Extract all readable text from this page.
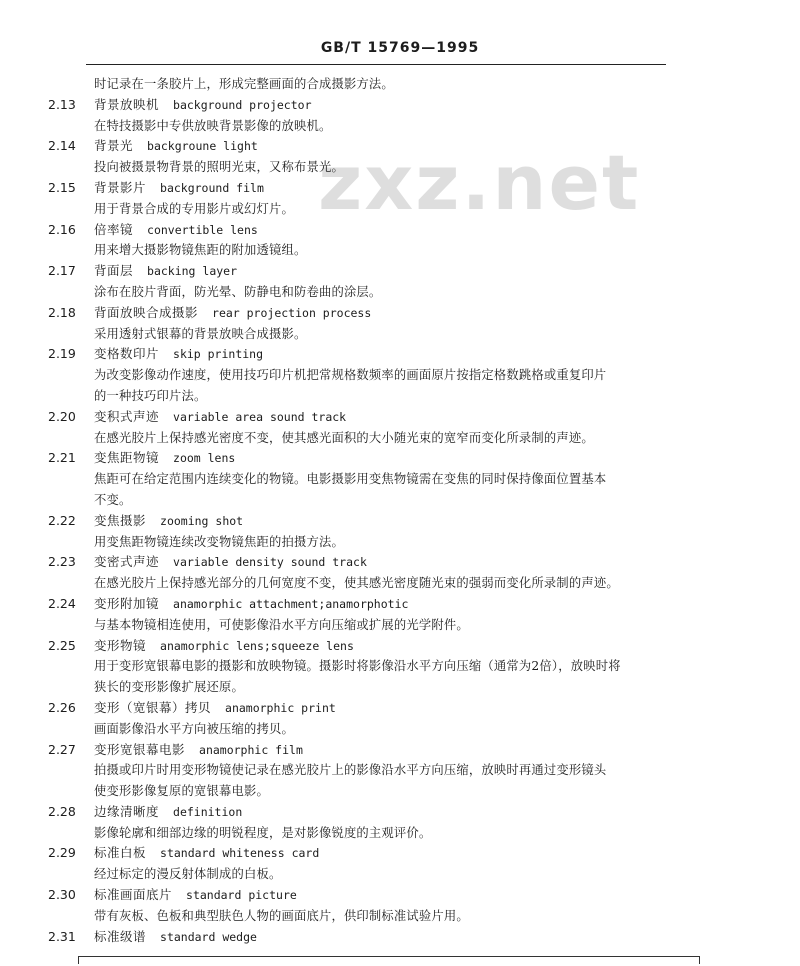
GB/T 15769—1995
zxz.net
时记录在一条胶片上，形成完整画面的合成摄影方法。
2.13 背景放映机 background projector
在特技摄影中专供放映背景影像的放映机。
2.14 背景光 backgroune light
投向被摄景物背景的照明光束，又称布景光。
2.15 背景影片 background film
用于背景合成的专用影片或幻灯片。
2.16 倍率镜 convertible lens
用来增大摄影物镜焦距的附加透镜组。
2.17 背面层 backing layer
涂布在胶片背面，防光晕、防静电和防卷曲的涂层。
2.18 背面放映合成摄影 rear projection process
采用透射式银幕的背景放映合成摄影。
2.19 变格数印片 skip printing
为改变影像动作速度，使用技巧印片机把常规格数频率的画面原片按指定格数跳格或重复印片
的一种技巧印片法。
2.20 变积式声迹 variable area sound track
在感光胶片上保持感光密度不变，使其感光面积的大小随光束的宽窄而变化所录制的声迹。
2.21 变焦距物镜 zoom lens
焦距可在给定范围内连续变化的物镜。电影摄影用变焦物镜需在变焦的同时保持像面位置基本
不变。
2.22 变焦摄影 zooming shot
用变焦距物镜连续改变物镜焦距的拍摄方法。
2.23 变密式声迹 variable density sound track
在感光胶片上保持感光部分的几何宽度不变，使其感光密度随光束的强弱而变化所录制的声迹。
2.24 变形附加镜 anamorphic attachment;anamorphotic
与基本物镜相连使用，可使影像沿水平方向压缩或扩展的光学附件。
2.25 变形物镜 anamorphic lens;squeeze lens
用于变形宽银幕电影的摄影和放映物镜。摄影时将影像沿水平方向压缩（通常为2倍），放映时将
狭长的变形影像扩展还原。
2.26 变形（宽银幕）拷贝 anamorphic print
画面影像沿水平方向被压缩的拷贝。
2.27 变形宽银幕电影 anamorphic film
拍摄或印片时用变形物镜使记录在感光胶片上的影像沿水平方向压缩，放映时再通过变形镜头
使变形影像复原的宽银幕电影。
2.28 边缘清晰度 definition
影像轮廓和细部边缘的明锐程度，是对影像锐度的主观评价。
2.29 标准白板 standard whiteness card
经过标定的漫反射体制成的白板。
2.30 标准画面底片 standard picture
带有灰板、色板和典型肤色人物的画面底片，供印制标准试验片用。
2.31 标准级谱 standard wedge
